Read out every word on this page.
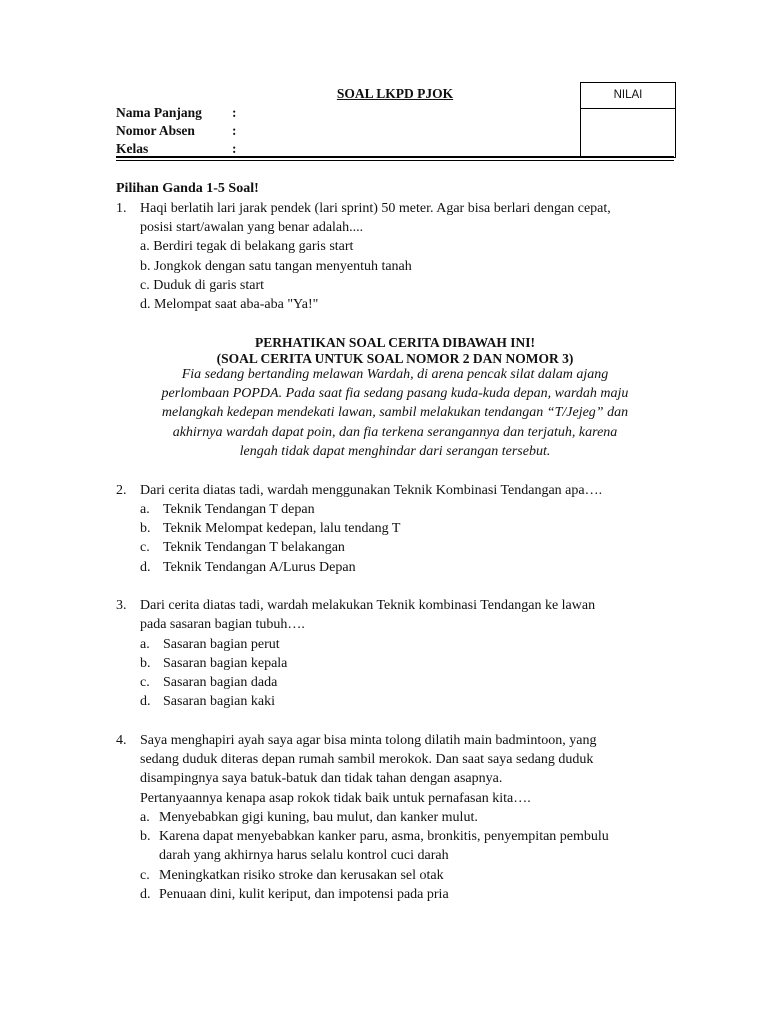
SOAL LKPD PJOK	NILAI
Nama Panjang :
Nomor Absen	:
Kelas	:
Pilihan Ganda 1-5 Soal!
1. Haqi berlatih lari jarak pendek (lari sprint) 50 meter. Agar bisa berlari dengan cepat,
posisi start/awalan yang benar adalah....
a. Berdiri tegak di belakang garis start
b. Jongkok dengan satu tangan menyentuh tanah
c. Duduk di garis start
d. Melompat saat aba-aba "Ya!"
PERHATIKAN SOAL CERITA DIBAWAH INI!
(SOAL CERITA UNTUK SOAL NOMOR 2 DAN NOMOR 3)
Fia sedang bertanding melawan Wardah, di arena pencak silat dalam ajang
perlombaan POPDA. Pada saat fia sedang pasang kuda-kuda depan, wardah maju
melangkah kedepan mendekati lawan, sambil melakukan tendangan “T/Jejeg” dan
akhirnya wardah dapat poin, dan fia terkena serangannya dan terjatuh, karena
lengah tidak dapat menghindar dari serangan tersebut.
2. Dari cerita diatas tadi, wardah menggunakan Teknik Kombinasi Tendangan apa….
a. Teknik Tendangan T depan
b. Teknik Melompat kedepan, lalu tendang T
c. Teknik Tendangan T belakangan
d. Teknik Tendangan A/Lurus Depan
3. Dari cerita diatas tadi, wardah melakukan Teknik kombinasi Tendangan ke lawan
pada sasaran bagian tubuh….
a. Sasaran bagian perut
b. Sasaran bagian kepala
c. Sasaran bagian dada
d. Sasaran bagian kaki
4. Saya menghapiri ayah saya agar bisa minta tolong dilatih main badmintoon, yang
sedang duduk diteras depan rumah sambil merokok. Dan saat saya sedang duduk
disampingnya saya batuk-batuk dan tidak tahan dengan asapnya.
Pertanyaannya kenapa asap rokok tidak baik untuk pernafasan kita….
a. Menyebabkan gigi kuning, bau mulut, dan kanker mulut.
b. Karena dapat menyebabkan kanker paru, asma, bronkitis, penyempitan pembulu
darah yang akhirnya harus selalu kontrol cuci darah
c. Meningkatkan risiko stroke dan kerusakan sel otak
d. Penuaan dini, kulit keriput, dan impotensi pada pria
